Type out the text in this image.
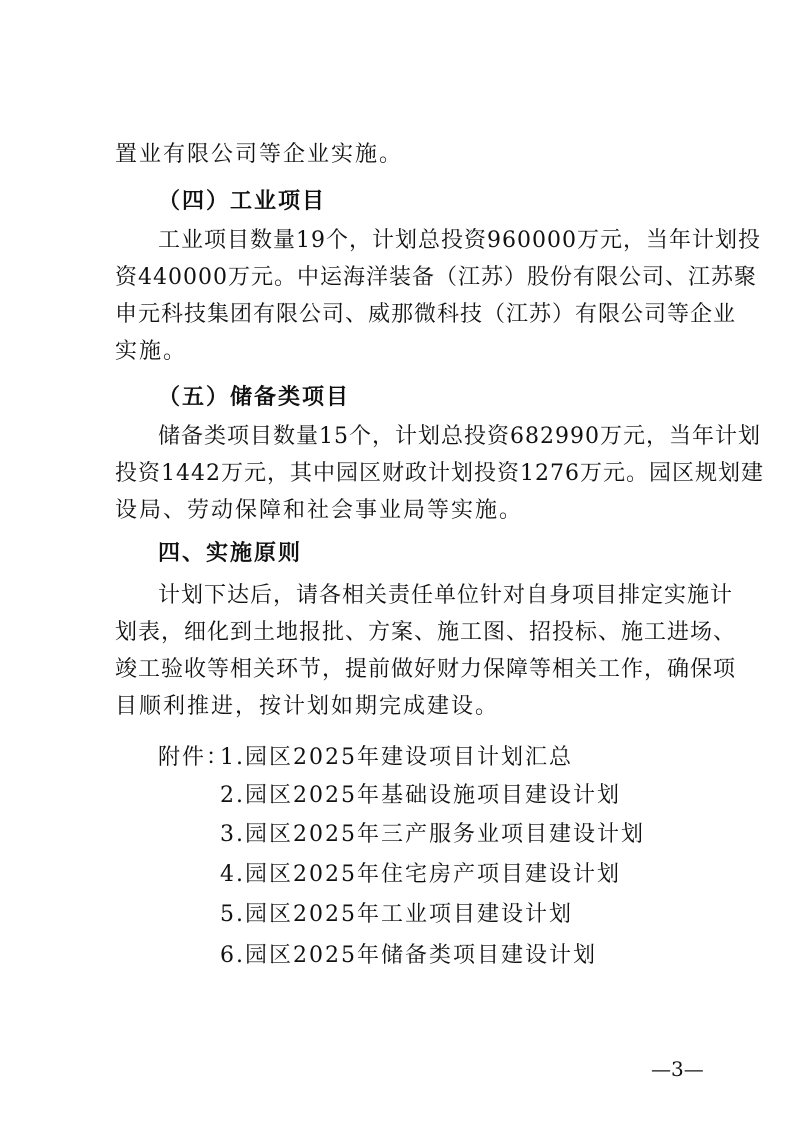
置业有限公司等企业实施。
（四）工业项目
工业项目数量19个，计划总投资960000万元，当年计划投
资440000万元。中运海洋装备（江苏）股份有限公司、江苏聚
申元科技集团有限公司、威那微科技（江苏）有限公司等企业
实施。
（五）储备类项目
储备类项目数量15个，计划总投资682990万元，当年计划
投资1442万元，其中园区财政计划投资1276万元。园区规划建
设局、劳动保障和社会事业局等实施。
四、实施原则
计划下达后，请各相关责任单位针对自身项目排定实施计
划表，细化到土地报批、方案、施工图、招投标、施工进场、
竣工验收等相关环节，提前做好财力保障等相关工作，确保项
目顺利推进，按计划如期完成建设。
附件：
1.园区2025年建设项目计划汇总
2.园区2025年基础设施项目建设计划
3.园区2025年三产服务业项目建设计划
4.园区2025年住宅房产项目建设计划
5.园区2025年工业项目建设计划
6.园区2025年储备类项目建设计划
—3—
